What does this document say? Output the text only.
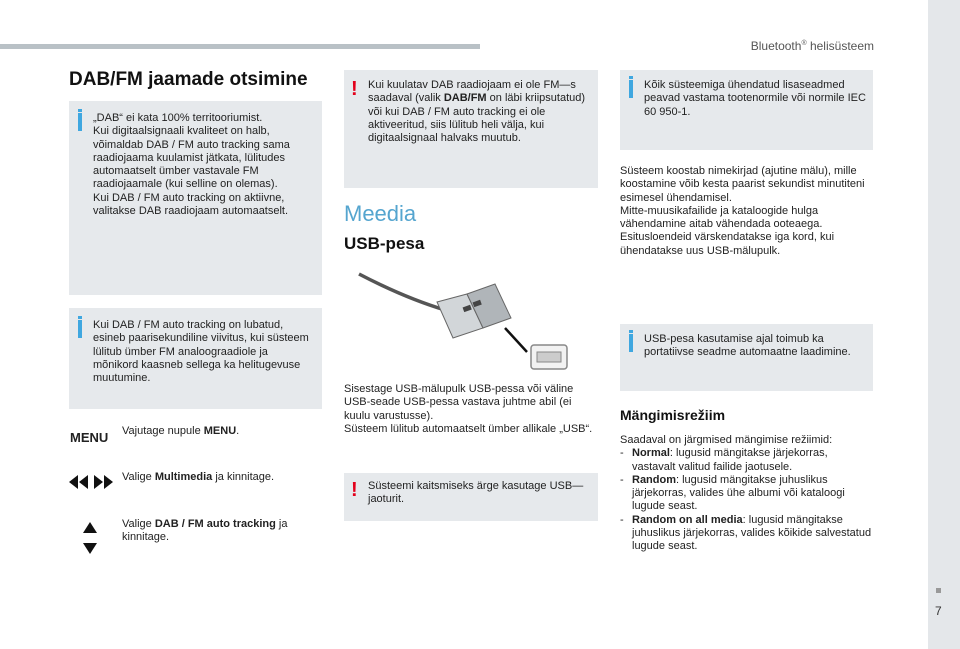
Bluetooth® helisüsteem
7
DAB/FM jaamade otsimine
„DAB“ ei kata 100% territooriumist.
Kui digitaalsignaali kvaliteet on halb, võimaldab DAB / FM auto tracking sama raadiojaama kuulamist jätkata, lülitudes automaatselt ümber vastavale FM raadiojaamale (kui selline on olemas).
Kui DAB / FM auto tracking on aktiivne, valitakse DAB raadiojaam automaatselt.
Kui DAB / FM auto tracking on lubatud, esineb paarisekundiline viivitus, kui süsteem lülitub ümber FM analoograadiole ja mõnikord kaasneb sellega ka helitugevuse muutumine.
MENU Vajutage nupule MENU.
Valige Multimedia ja kinnitage.
Valige DAB / FM auto tracking ja kinnitage.
! Kui kuulatav DAB raadiojaam ei ole FM—s saadaval (valik DAB/FM on läbi kriipsutatud) või kui DAB / FM auto tracking ei ole aktiveeritud, siis lülitub heli välja, kui digitaalsignaal halvaks muutub.
Meedia
USB-pesa
Sisestage USB-mälupulk USB-pessa või väline USB-seade USB-pessa vastava juhtme abil (ei kuulu varustusse).
Süsteem lülitub automaatselt ümber allikale „USB“.
! Süsteemi kaitsmiseks ärge kasutage USB—jaoturit.
Kõik süsteemiga ühendatud lisaseadmed peavad vastama tootenormile või normile IEC 60 950-1.
Süsteem koostab nimekirjad (ajutine mälu), mille koostamine võib kesta paarist sekundist minutiteni esimesel ühendamisel.
Mitte-muusikafailide ja kataloogide hulga vähendamine aitab vähendada ooteaega.
Esitusloendeid värskendatakse iga kord, kui ühendatakse uus USB-mälupulk.
USB-pesa kasutamise ajal toimub ka portatiivse seadme automaatne laadimine.
Mängimisrežiim
Saadaval on järgmised mängimise režiimid:
- Normal: lugusid mängitakse järjekorras, vastavalt valitud failide jaotusele.
- Random: lugusid mängitakse juhuslikus järjekorras, valides ühe albumi või kataloogi lugude seast.
- Random on all media: lugusid mängitakse juhuslikus järjekorras, valides kõikide salvestatud lugude seast.
